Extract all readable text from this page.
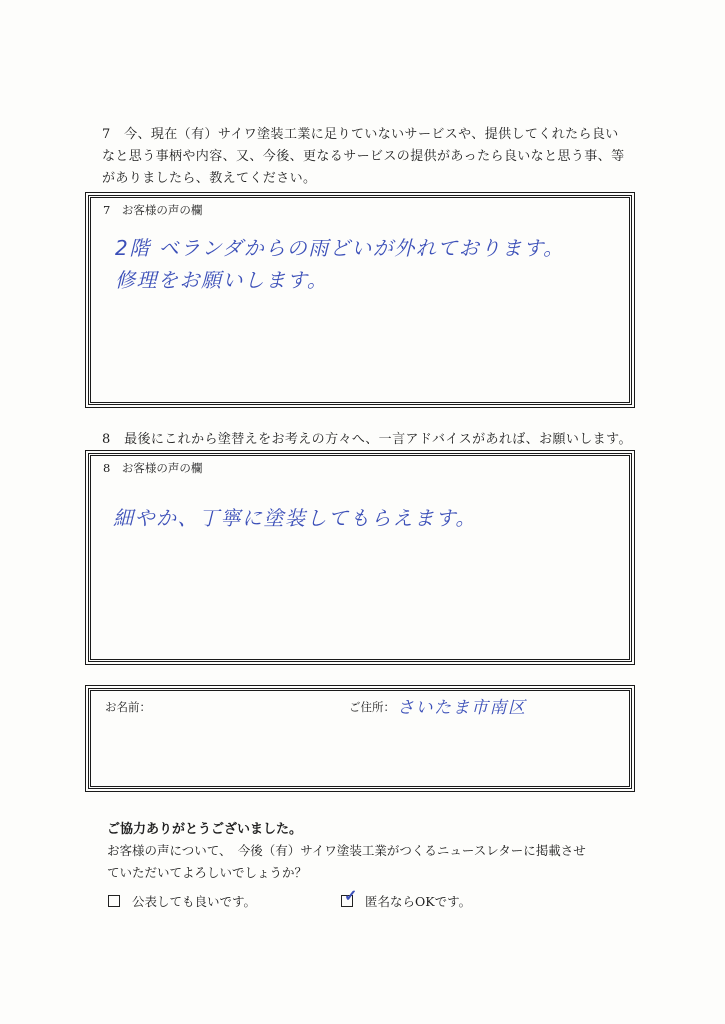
7　今、現在（有）サイワ塗装工業に足りていないサービスや、提供してくれたら良い

なと思う事柄や内容、又、今後、更なるサービスの提供があったら良いなと思う事、等

がありましたら、教えてください。

7　お客様の声の欄
2階 ベランダからの雨どいが外れております。
修理をお願いします。

8　最後にこれから塗替えをお考えの方々へ、一言アドバイスがあれば、お願いします。

8　お客様の声の欄
細やか、丁寧に塗装してもらえます。
お名前：	ご住所： さいたま市南区
ご協力ありがとうございました。

お客様の声について、　今後（有）サイワ塗装工業がつくるニュースレターに掲載させ

ていただいてよろしいでしょうか？

公表しても良いです。	✓ 匿名ならOKです。
